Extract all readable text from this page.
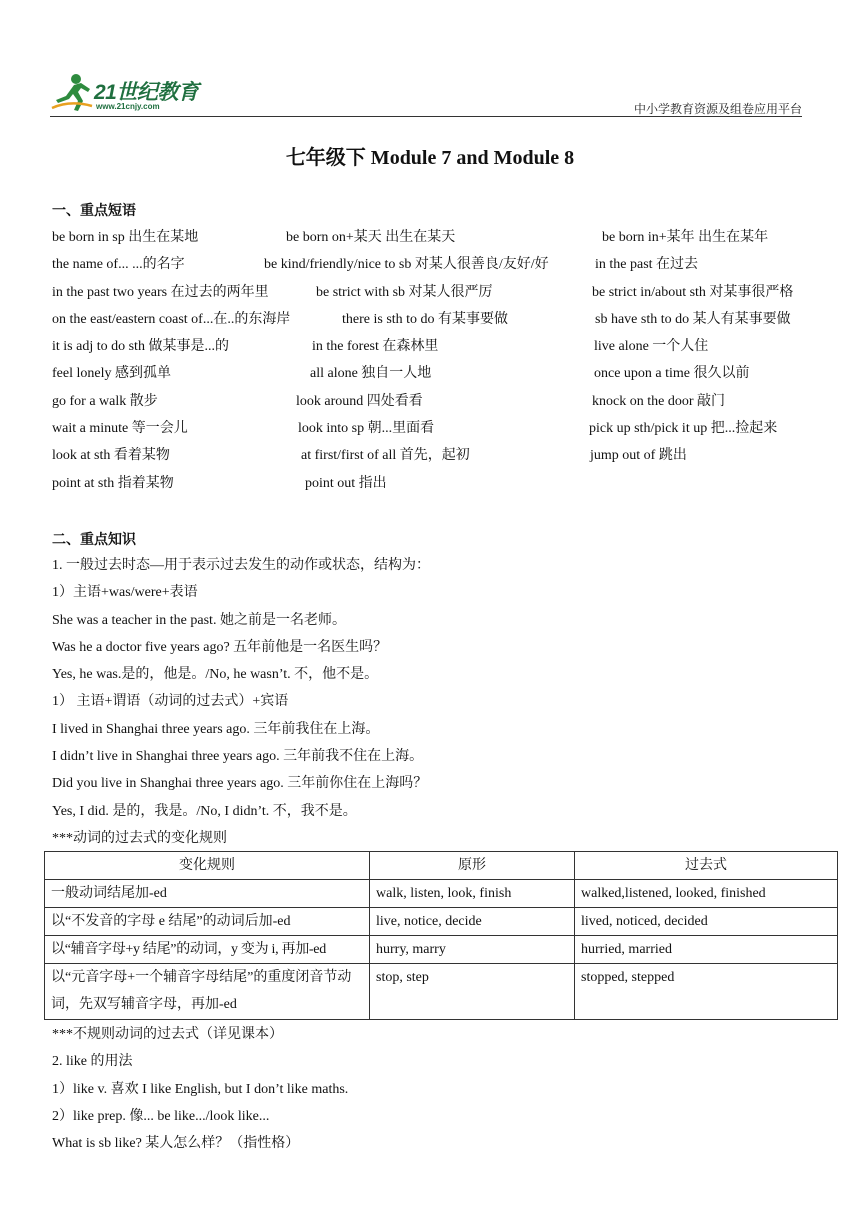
21世纪教育
www.21cnjy.com	中小学教育资源及组卷应用平台
七年级下 Module 7 and Module 8
一、重点短语
be born in sp 出生在某地	be born on+某天 出生在某天	be born in+某年 出生在某年
the name of... ...的名字	be kind/friendly/nice to sb 对某人很善良/友好/好	in the past 在过去
in the past two years 在过去的两年里	be strict with sb 对某人很严厉	be strict in/about sth 对某事很严格
on the east/eastern coast of...在..的东海岸	there is sth to do 有某事要做	sb have sth to do 某人有某事要做
it is adj to do sth 做某事是...的	in the forest 在森林里	live alone 一个人住
feel lonely 感到孤单	all alone 独自一人地	once upon a time 很久以前
go for a walk 散步	look around 四处看看	knock on the door 敲门
wait a minute 等一会儿	look into sp 朝...里面看	pick up sth/pick it up 把...捡起来
look at sth 看着某物	at first/first of all 首先，起初	jump out of 跳出
point at sth 指着某物	point out 指出
二、重点知识
1. 一般过去时态—用于表示过去发生的动作或状态，结构为：
1）主语+was/were+表语
She was a teacher in the past. 她之前是一名老师。
Was he a doctor five years ago? 五年前他是一名医生吗？
Yes, he was.是的，他是。/No, he wasn’t. 不，他不是。
1） 主语+谓语（动词的过去式）+宾语
I lived in Shanghai three years ago. 三年前我住在上海。
I didn’t live in Shanghai three years ago. 三年前我不住在上海。
Did you live in Shanghai three years ago. 三年前你住在上海吗？
Yes, I did. 是的，我是。/No, I didn’t. 不，我不是。
***动词的过去式的变化规则
变化规则	原形	过去式
一般动词结尾加-ed	walk, listen, look, finish	walked,listened, looked, finished
以“不发音的字母 e 结尾”的动词后加-ed	live, notice, decide	lived, noticed, decided
以“辅音字母+y 结尾”的动词，y 变为 i, 再加-ed	hurry, marry	hurried, married
以“元音字母+一个辅音字母结尾”的重度闭音节动词，先双写辅音字母，再加-ed	stop, step	stopped, stepped
***不规则动词的过去式（详见课本）
2. like 的用法
1）like v. 喜欢 I like English, but I don’t like maths.
2）like prep. 像... be like.../look like...
What is sb like? 某人怎么样？（指性格）
